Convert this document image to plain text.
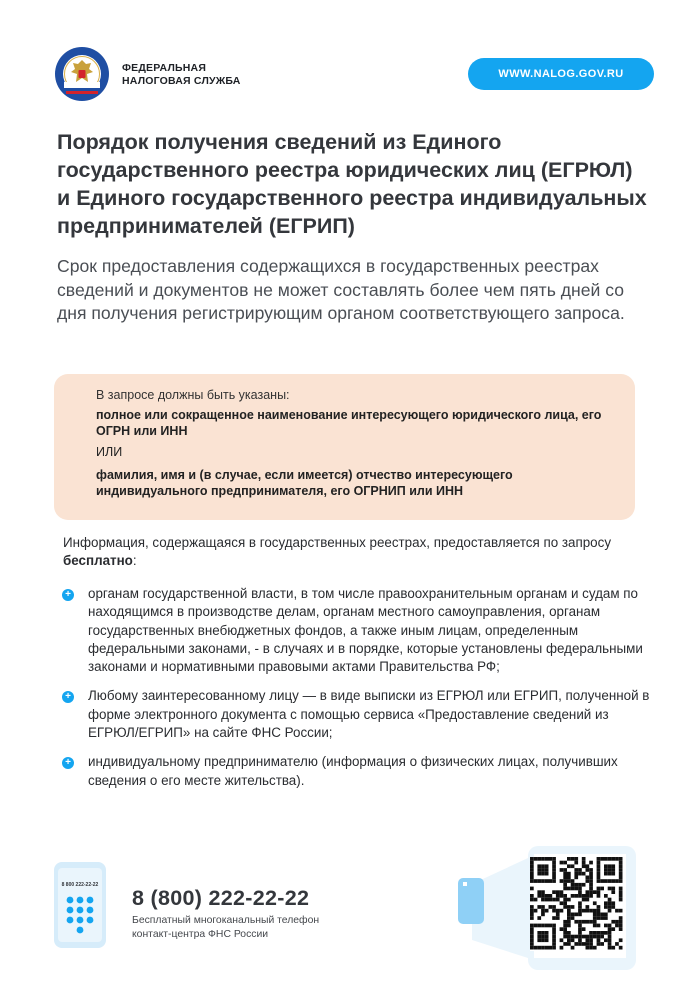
ФЕДЕРАЛЬНАЯ
НАЛОГОВАЯ СЛУЖБА
WWW.NALOG.GOV.RU
Порядок получения сведений из Единого государственного реестра юридических лиц (ЕГРЮЛ) и Единого государственного реестра индивидуальных предпринимателей (ЕГРИП)
Срок предоставления содержащихся в государственных реестрах сведений и документов не может составлять более чем пять дней со дня получения регистрирующим органом соответствующего запроса.
В запросе должны быть указаны:
полное или сокращенное наименование интересующего юридического лица, его ОГРН или ИНН
ИЛИ
фамилия, имя и (в случае, если имеется) отчество интересующего индивидуального предпринимателя, его ОГРНИП или ИНН
Информация, содержащаяся в государственных реестрах, предоставляется по запросу бесплатно:
+ органам государственной власти, в том числе правоохранительным органам и судам по находящимся в производстве делам, органам местного самоуправления, органам государственных внебюджетных фондов, а также иным лицам, определенным федеральными законами, - в случаях и в порядке, которые установлены федеральными законами и нормативными правовыми актами Правительства РФ;
+ Любому заинтересованному лицу — в виде выписки из ЕГРЮЛ или ЕГРИП, полученной в форме электронного документа с помощью сервиса «Предоставление сведений из ЕГРЮЛ/ЕГРИП» на сайте ФНС России;
+ индивидуальному предпринимателю (информация о физических лицах, получивших сведения о его месте жительства).
8 800 222-22-22
8 (800) 222-22-22
Бесплатный многоканальный телефон
контакт-центра ФНС России
